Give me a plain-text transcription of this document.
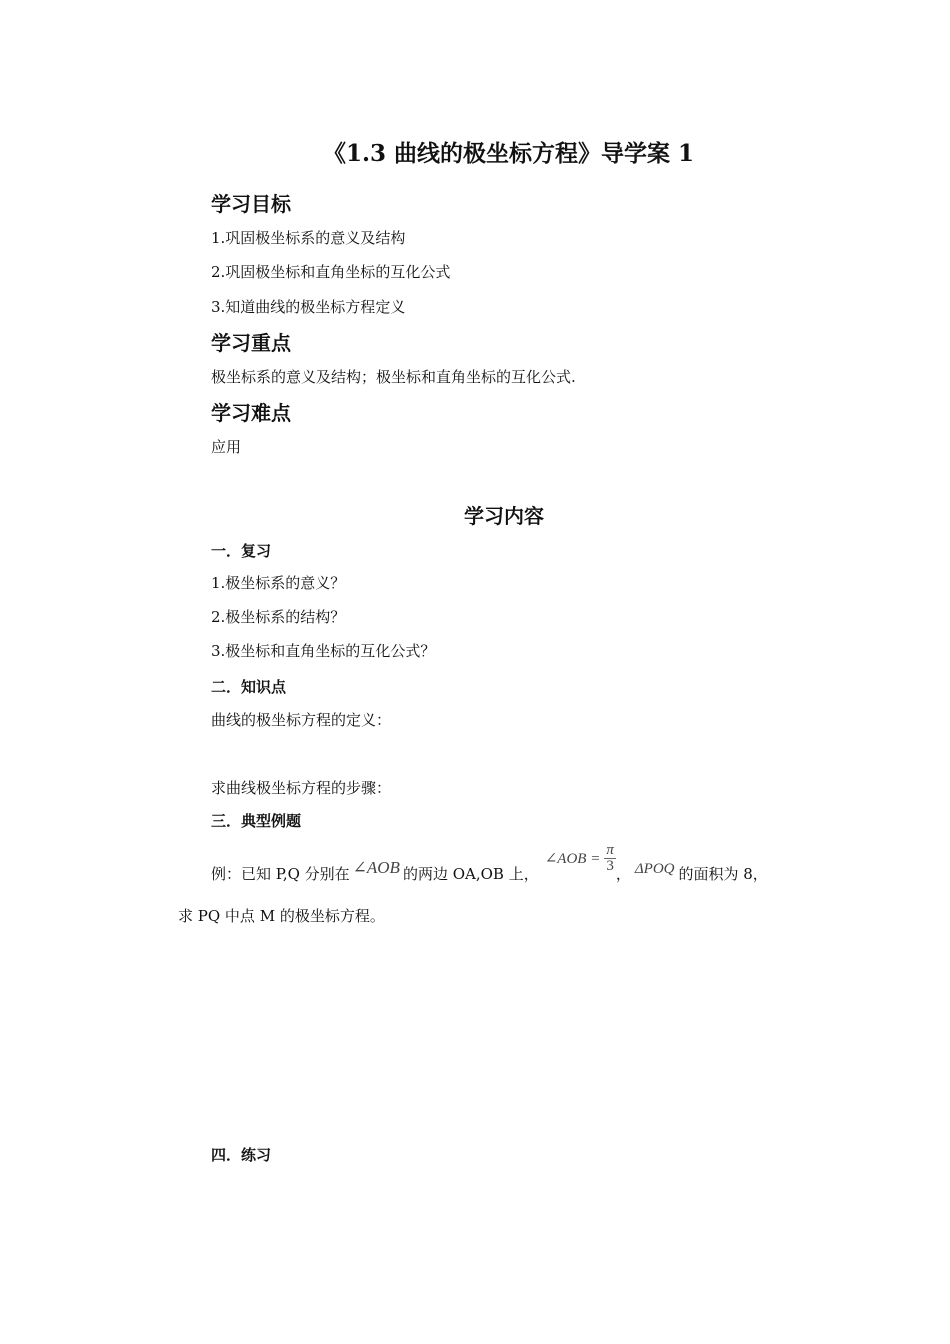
《1.3 曲线的极坐标方程》导学案 1
学习目标
1.巩固极坐标系的意义及结构
2.巩固极坐标和直角坐标的互化公式
3.知道曲线的极坐标方程定义
学习重点
极坐标系的意义及结构；极坐标和直角坐标的互化公式.
学习难点
应用
学习内容
一．复习
1.极坐标系的意义？
2.极坐标系的结构？
3.极坐标和直角坐标的互化公式？
二．知识点
曲线的极坐标方程的定义：
求曲线极坐标方程的步骤：
三．典型例题
例：已知 P,Q 分别在 ∠AOB 的两边 OA,OB 上，
∠AOB = $\frac{\pi}{3}$ ， ΔPOQ 的面积为 8，
求 PQ 中点 M 的极坐标方程。
四．练习
